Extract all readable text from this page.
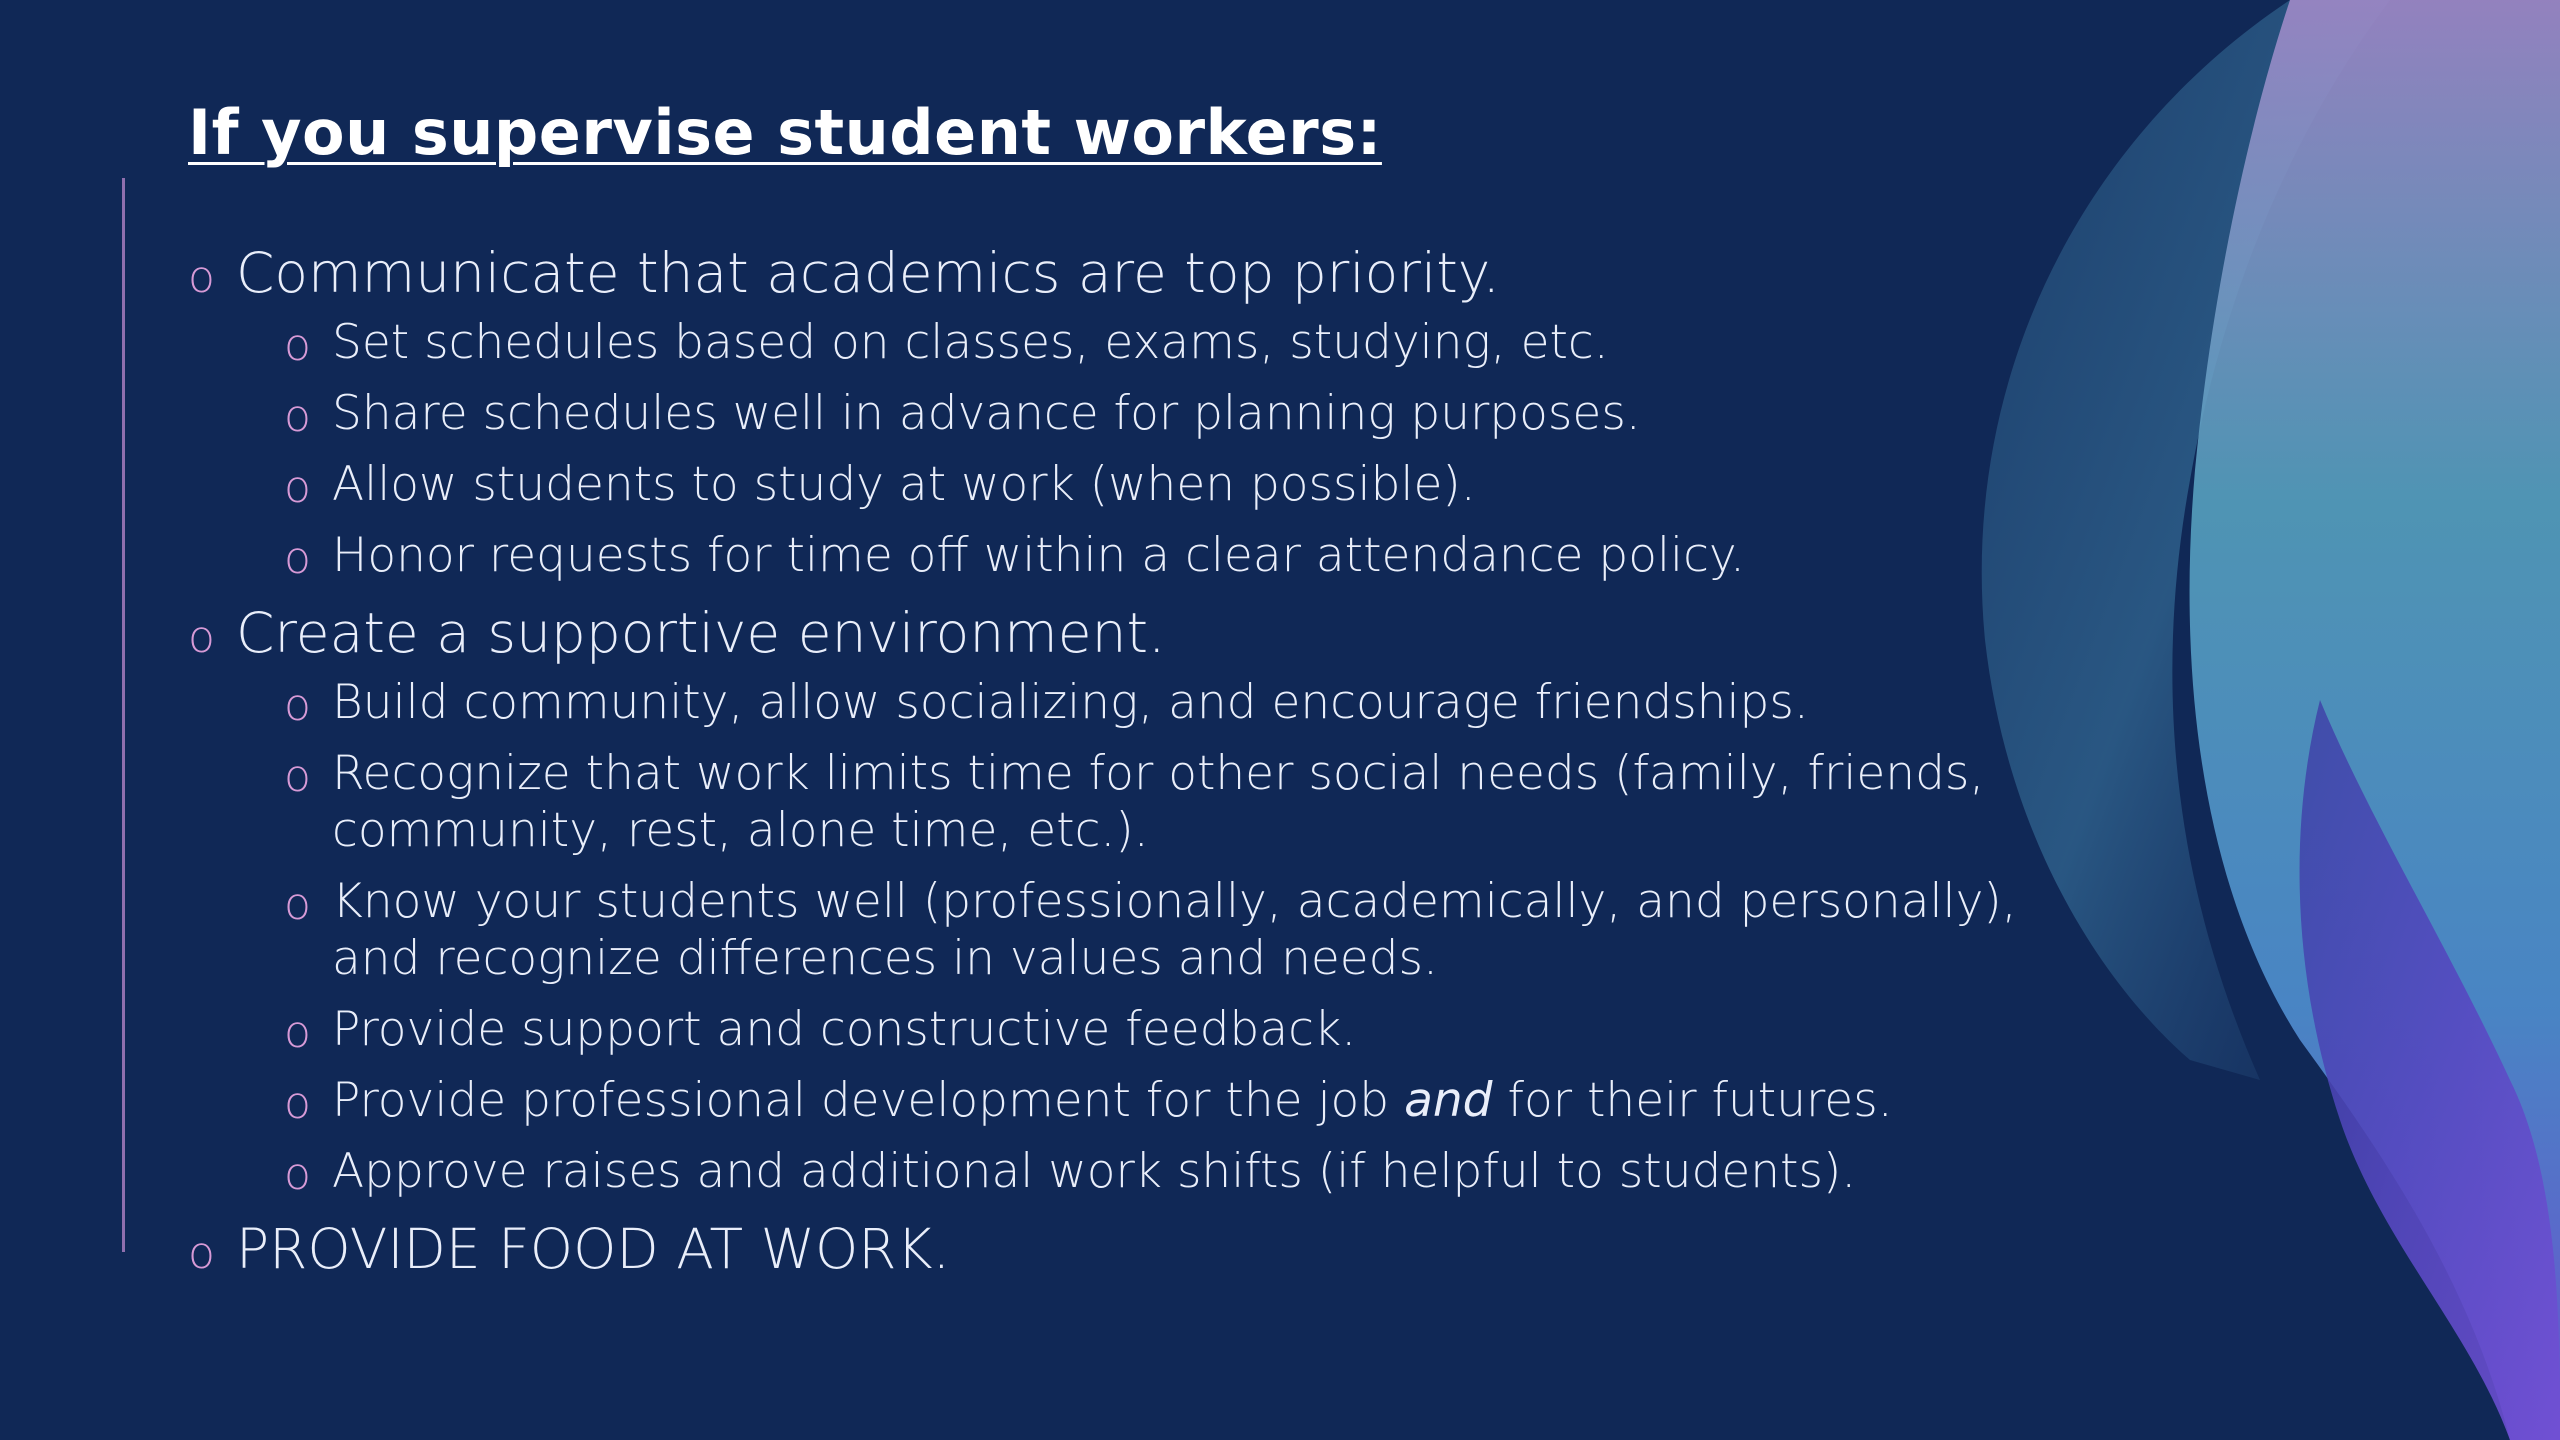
If you supervise student workers:
o Communicate that academics are top priority.
o Set schedules based on classes, exams, studying, etc.
o Share schedules well in advance for planning purposes.
o Allow students to study at work (when possible).
o Honor requests for time off within a clear attendance policy.
o Create a supportive environment.
o Build community, allow socializing, and encourage friendships.
o Recognize that work limits time for other social needs (family, friends, community, rest, alone time, etc.).
o Know your students well (professionally, academically, and personally), and recognize differences in values and needs.
o Provide support and constructive feedback.
o Provide professional development for the job and for their futures.
o Approve raises and additional work shifts (if helpful to students).
o PROVIDE FOOD AT WORK.
